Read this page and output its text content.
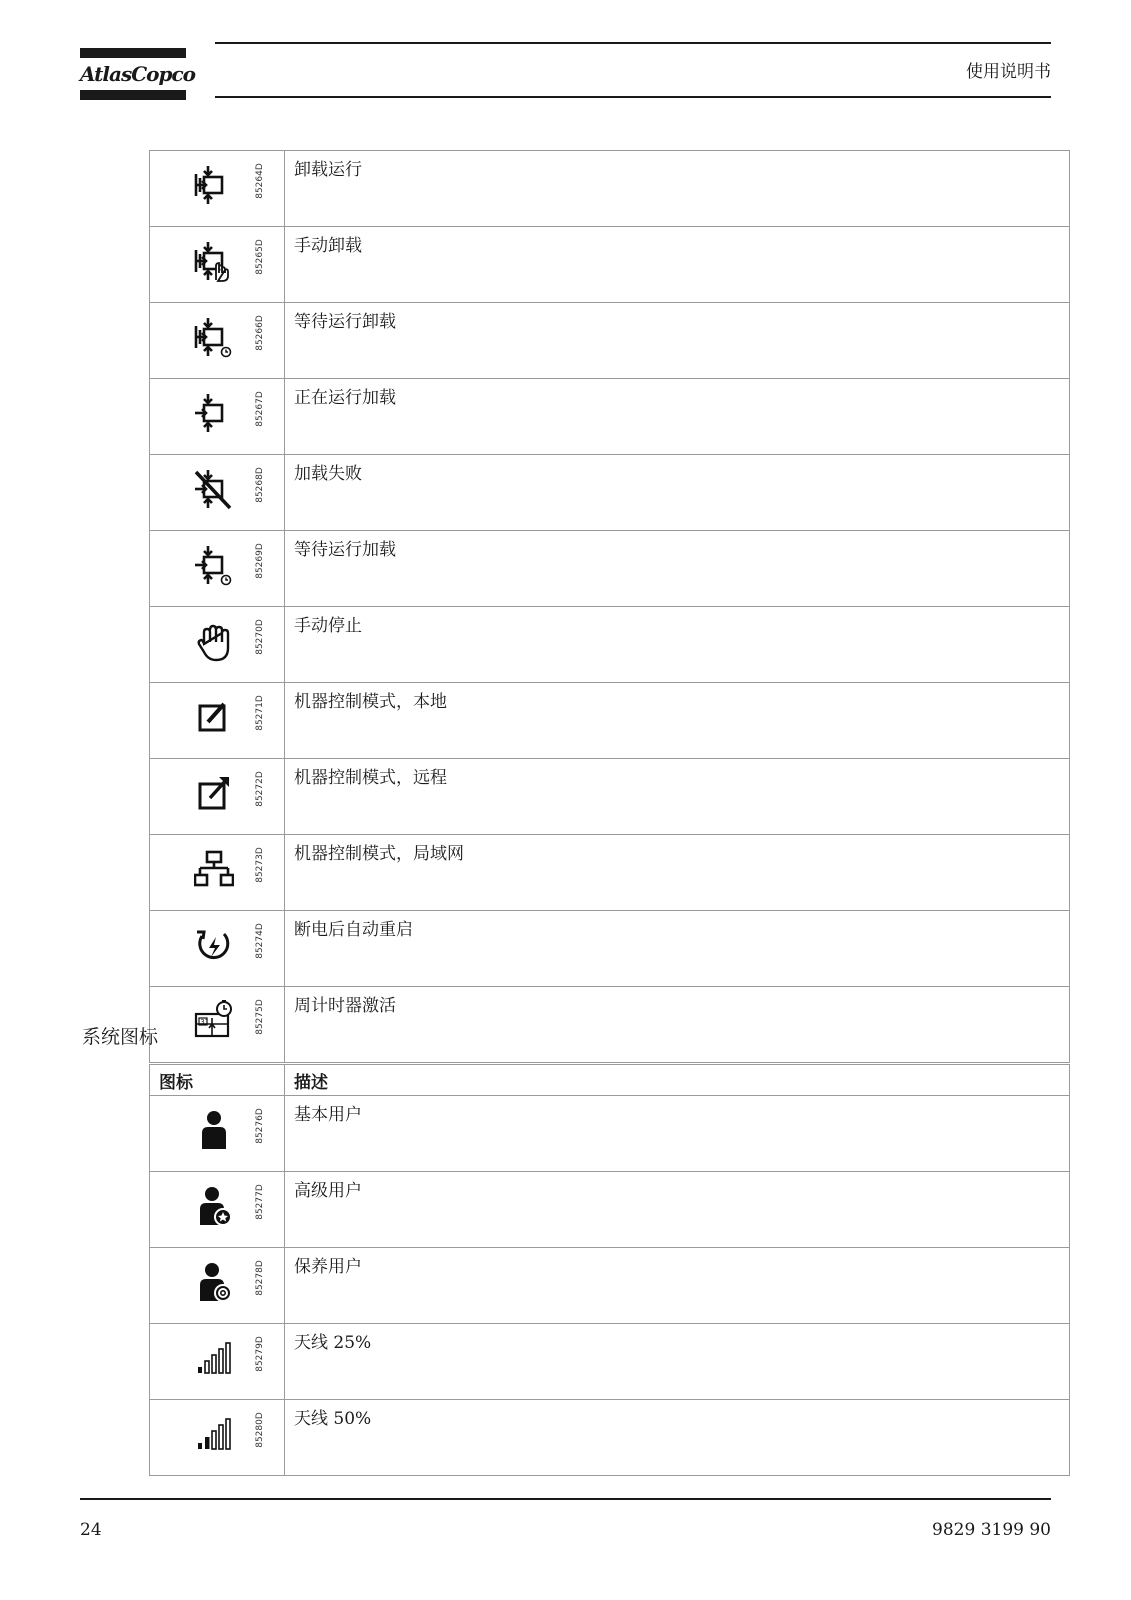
AtlasCopco	使用说明书
85264D	卸载运行

85265D	手动卸载

85266D	等待运行卸载

85267D	正在运行加载

85268D	加载失败

85269D	等待运行加载

85270D	手动停止

85271D	机器控制模式，本地

85272D	机器控制模式，远程

85273D	机器控制模式，局域网

85274D	断电后自动重启

31 85275D	周计时器激活
系统图标
图标	描述

85276D	基本用户

85277D	高级用户

85278D	保养用户

85279D	天线 25%

85280D	天线 50%
24	9829 3199 90
